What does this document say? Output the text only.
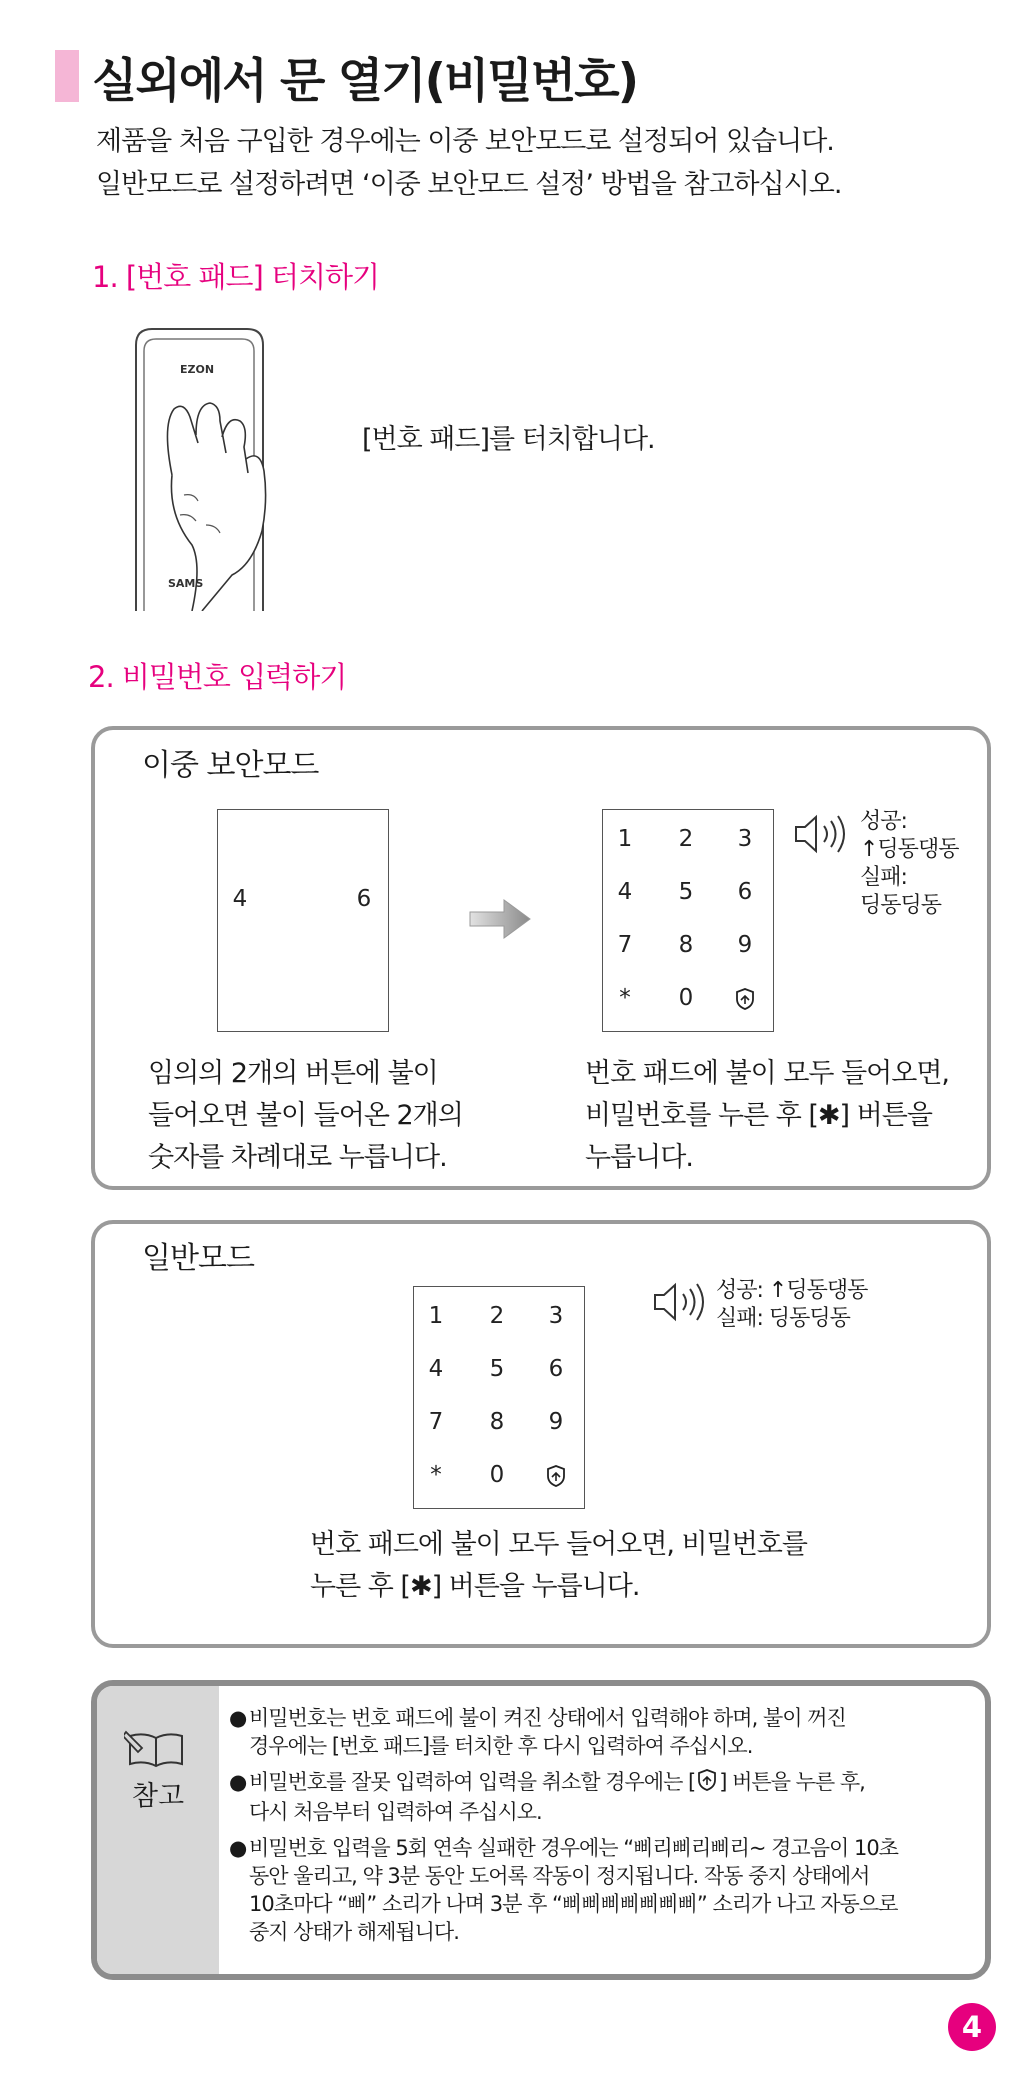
실외에서 문 열기(비밀번호)
제품을 처음 구입한 경우에는 이중 보안모드로 설정되어 있습니다.
일반모드로 설정하려면 ‘이중 보안모드 설정’ 방법을 참고하십시오.
1. [번호 패드] 터치하기
EZON
SAMS
[번호 패드]를 터치합니다.
2. 비밀번호 입력하기
이중 보안모드
4	6
1	2	3
4	5	6
7	8	9
*	0
성공:
↑딩동댕동
실패:
딩동딩동
임의의 2개의 버튼에 불이
들어오면 불이 들어온 2개의
숫자를 차례대로 누릅니다.
번호 패드에 불이 모두 들어오면,
비밀번호를 누른 후 [✱] 버튼을
누릅니다.
일반모드
1	2	3
4	5	6
7	8	9
*	0
성공: ↑딩동댕동
실패: 딩동딩동
번호 패드에 불이 모두 들어오면, 비밀번호를
누른 후 [✱] 버튼을 누릅니다.
참고
● 비밀번호는 번호 패드에 불이 켜진 상태에서 입력해야 하며, 불이 꺼진
경우에는 [번호 패드]를 터치한 후 다시 입력하여 주십시오.
● 비밀번호를 잘못 입력하여 입력을 취소할 경우에는 [ ] 버튼을 누른 후,
다시 처음부터 입력하여 주십시오.
● 비밀번호 입력을 5회 연속 실패한 경우에는 “삐리삐리삐리~ 경고음이 10초
동안 울리고, 약 3분 동안 도어록 작동이 정지됩니다. 작동 중지 상태에서
10초마다 “삐” 소리가 나며 3분 후 “삐삐삐삐삐삐삐” 소리가 나고 자동으로
중지 상태가 해제됩니다.
4
